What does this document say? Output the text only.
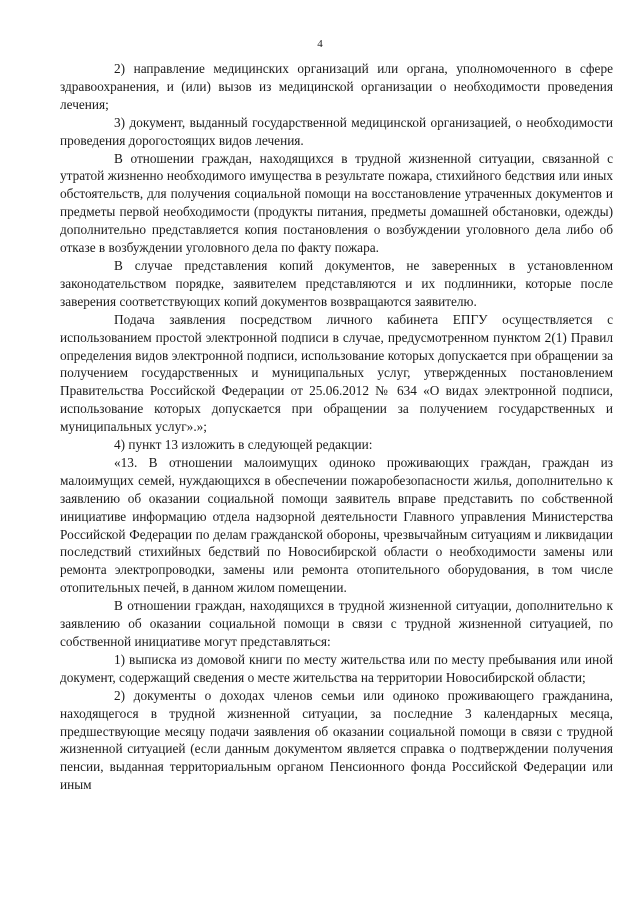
4

2) направление медицинских организаций или органа, уполномоченного в сфере здравоохранения, и (или) вызов из медицинской организации о необходимости проведения лечения;

3) документ, выданный государственной медицинской организацией, о необходимости проведения дорогостоящих видов лечения.

В отношении граждан, находящихся в трудной жизненной ситуации, связанной с утратой жизненно необходимого имущества в результате пожара, стихийного бедствия или иных обстоятельств, для получения социальной помощи на восстановление утраченных документов и предметы первой необходимости (продукты питания, предметы домашней обстановки, одежды) дополнительно представляется копия постановления о возбуждении уголовного дела либо об отказе в возбуждении уголовного дела по факту пожара.

В случае представления копий документов, не заверенных в установленном законодательством порядке, заявителем представляются и их подлинники, которые после заверения соответствующих копий документов возвращаются заявителю.

Подача заявления посредством личного кабинета ЕПГУ осуществляется с использованием простой электронной подписи в случае, предусмотренном пунктом 2(1) Правил определения видов электронной подписи, использование которых допускается при обращении за получением государственных и муниципальных услуг, утвержденных постановлением Правительства Российской Федерации от 25.06.2012 № 634 «О видах электронной подписи, использование которых допускается при обращении за получением государственных и муниципальных услуг».»;

4) пункт 13 изложить в следующей редакции:

«13. В отношении малоимущих одиноко проживающих граждан, граждан из малоимущих семей, нуждающихся в обеспечении пожаробезопасности жилья, дополнительно к заявлению об оказании социальной помощи заявитель вправе представить по собственной инициативе информацию отдела надзорной деятельности Главного управления Министерства Российской Федерации по делам гражданской обороны, чрезвычайным ситуациям и ликвидации последствий стихийных бедствий по Новосибирской области о необходимости замены или ремонта электропроводки, замены или ремонта отопительного оборудования, в том числе отопительных печей, в данном жилом помещении.

В отношении граждан, находящихся в трудной жизненной ситуации, дополнительно к заявлению об оказании социальной помощи в связи с трудной жизненной ситуацией, по собственной инициативе могут представляться:

1) выписка из домовой книги по месту жительства или по месту пребывания или иной документ, содержащий сведения о месте жительства на территории Новосибирской области;

2) документы о доходах членов семьи или одиноко проживающего гражданина, находящегося в трудной жизненной ситуации, за последние 3 календарных месяца, предшествующие месяцу подачи заявления об оказании социальной помощи в связи с трудной жизненной ситуацией (если данным документом является справка о подтверждении получения пенсии, выданная территориальным органом Пенсионного фонда Российской Федерации или иным
